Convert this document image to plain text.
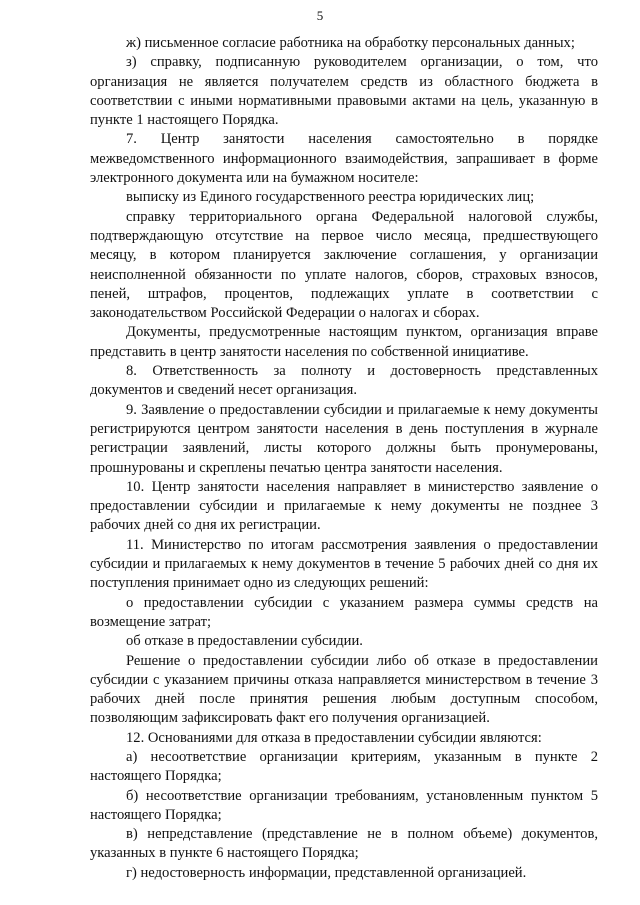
5

ж) письменное согласие работника на обработку персональных данных;

з) справку, подписанную руководителем организации, о том, что организация не является получателем средств из областного бюджета в соответствии с иными нормативными правовыми актами на цель, указанную в пункте 1 настоящего Порядка.

7. Центр занятости населения самостоятельно в порядке межведомственного информационного взаимодействия, запрашивает в форме электронного документа или на бумажном носителе:

выписку из Единого государственного реестра юридических лиц;

справку территориального органа Федеральной налоговой службы, подтверждающую отсутствие на первое число месяца, предшествующего месяцу, в котором планируется заключение соглашения, у организации неисполненной обязанности по уплате налогов, сборов, страховых взносов, пеней, штрафов, процентов, подлежащих уплате в соответствии с законодательством Российской Федерации о налогах и сборах.

Документы, предусмотренные настоящим пунктом, организация вправе представить в центр занятости населения по собственной инициативе.

8. Ответственность за полноту и достоверность представленных документов и сведений несет организация.

9. Заявление о предоставлении субсидии и прилагаемые к нему документы регистрируются центром занятости населения в день поступления в журнале регистрации заявлений, листы которого должны быть пронумерованы, прошнурованы и скреплены печатью центра занятости населения.

10. Центр занятости населения направляет в министерство заявление о предоставлении субсидии и прилагаемые к нему документы не позднее 3 рабочих дней со дня их регистрации.

11. Министерство по итогам рассмотрения заявления о предоставлении субсидии и прилагаемых к нему документов в течение 5 рабочих дней со дня их поступления принимает одно из следующих решений:

о предоставлении субсидии с указанием размера суммы средств на возмещение затрат;

об отказе в предоставлении субсидии.

Решение о предоставлении субсидии либо об отказе в предоставлении субсидии с указанием причины отказа направляется министерством в течение 3 рабочих дней после принятия решения любым доступным способом, позволяющим зафиксировать факт его получения организацией.

12. Основаниями для отказа в предоставлении субсидии являются:

а) несоответствие организации критериям, указанным в пункте 2 настоящего Порядка;

б) несоответствие организации требованиям, установленным пунктом 5 настоящего Порядка;

в) непредставление (представление не в полном объеме) документов, указанных в пункте 6 настоящего Порядка;

г) недостоверность информации, представленной организацией.
